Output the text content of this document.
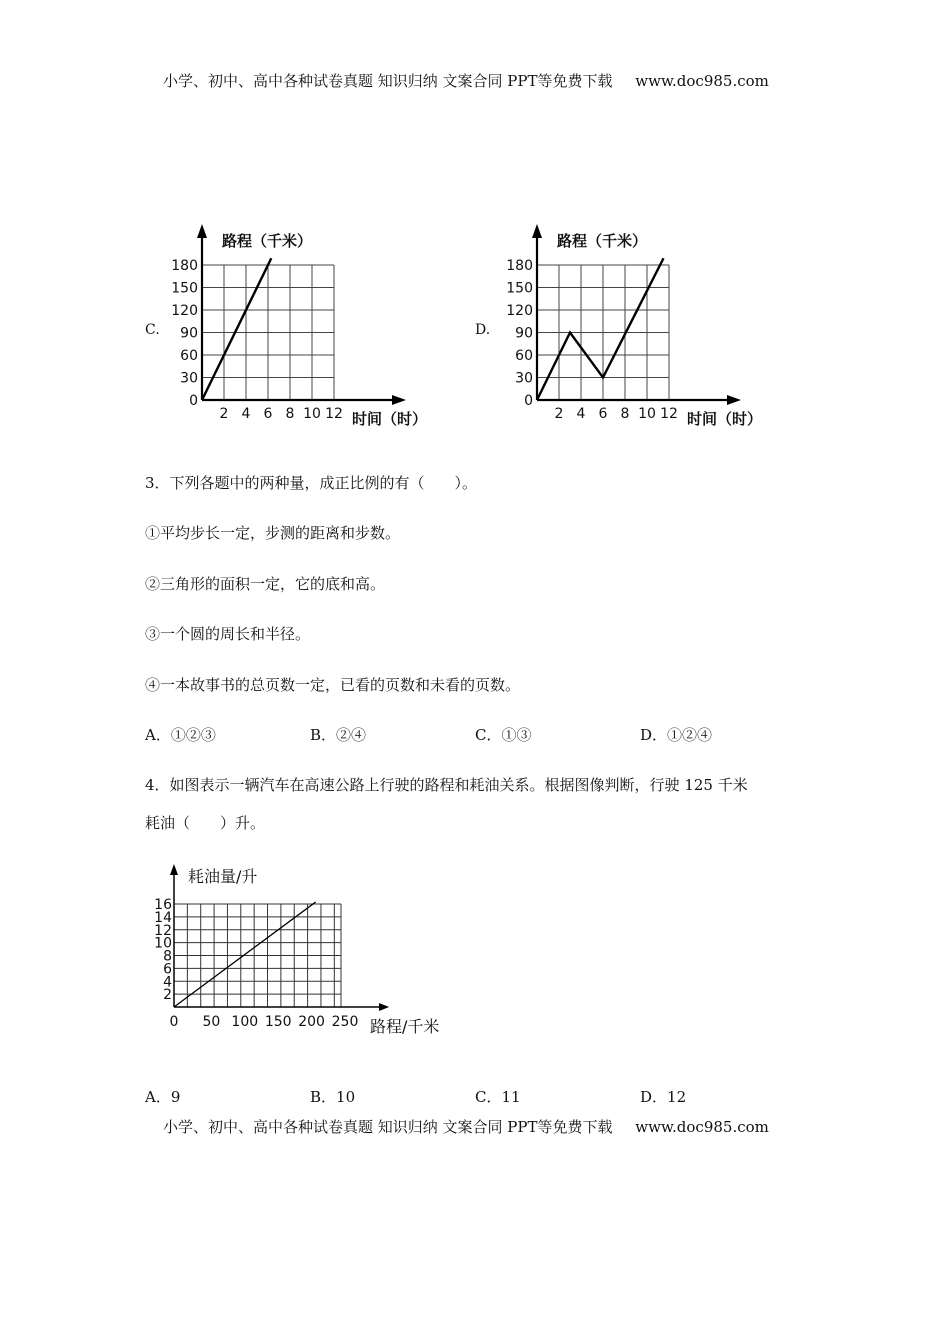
小学、初中、高中各种试卷真题 知识归纳 文案合同 PPT等免费下载 www.doc985.com
C.
0
30
60
90
120
150
180
2 4 6 8 10 12
路程（千米）
时间（时）
D.
0
30
60
90
120
150
180
2 4 6 8 10 12
路程（千米）
时间（时）
3．下列各题中的两种量，成正比例的有（　　）。
①平均步长一定，步测的距离和步数。
②三角形的面积一定，它的底和高。
③一个圆的周长和半径。
④一本故事书的总页数一定，已看的页数和未看的页数。
A．①②③	B．②④	C．①③	D．①②④
4．如图表示一辆汽车在高速公路上行驶的路程和耗油关系。根据图像判断，行驶 125 千米
耗油（　　）升。
2
4
6
8
10
12
14
16
0 50 100 150 200 250
耗油量/升
路程/千米
A．9	B．10	C．11	D．12
小学、初中、高中各种试卷真题 知识归纳 文案合同 PPT等免费下载 www.doc985.com
